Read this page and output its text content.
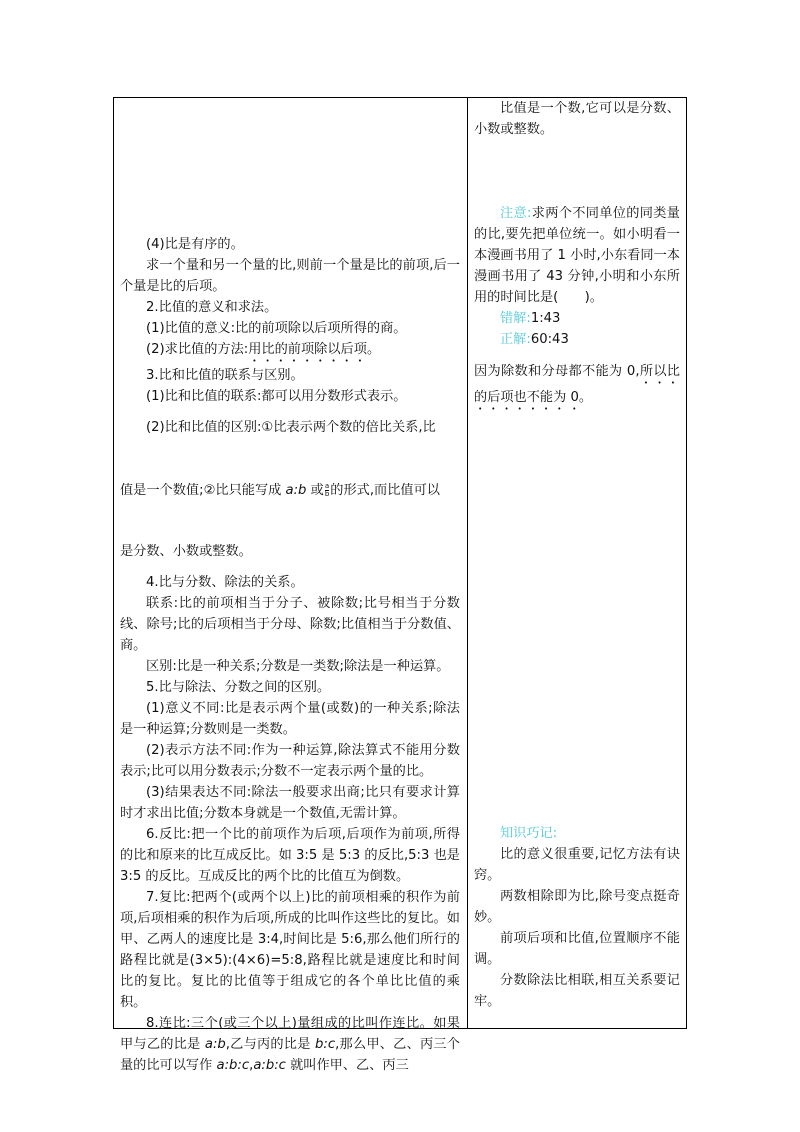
(4)比是有序的。

求一个量和另一个量的比,则前一个量是比的前项,后一个量是比的后项。

2.比值的意义和求法。

(1)比值的意义:比的前项除以后项所得的商。

(2)求比值的方法:用比的前项除以后项。

3.比和比值的联系与区别。

(1)比和比值的联系:都可以用分数形式表示。

(2)比和比值的区别:①比表示两个数的倍比关系,比

值是一个数值;②比只能写成 a:b 或 $\frac{a}{b}$ 的形式,而比值可以

是分数、小数或整数。

4.比与分数、除法的关系。

联系:比的前项相当于分子、被除数;比号相当于分数线、除号;比的后项相当于分母、除数;比值相当于分数值、商。

区别:比是一种关系;分数是一类数;除法是一种运算。

5.比与除法、分数之间的区别。

(1)意义不同:比是表示两个量(或数)的一种关系;除法是一种运算;分数则是一类数。

(2)表示方法不同:作为一种运算,除法算式不能用分数表示;比可以用分数表示;分数不一定表示两个量的比。

(3)结果表达不同:除法一般要求出商;比只有要求计算时才求出比值;分数本身就是一个数值,无需计算。

6.反比:把一个比的前项作为后项,后项作为前项,所得的比和原来的比互成反比。如 3:5 是 5:3 的反比,5:3 也是 3:5 的反比。互成反比的两个比的比值互为倒数。

7.复比:把两个(或两个以上)比的前项相乘的积作为前项,后项相乘的积作为后项,所成的比叫作这些比的复比。如甲、乙两人的速度比是 3:4,时间比是 5:6,那么他们所行的路程比就是(3×5):(4×6)=5:8,路程比就是速度比和时间比的复比。复比的比值等于组成它的各个单比比值的乘积。

8.连比:三个(或三个以上)量组成的比叫作连比。如果甲与乙的比是 a:b,乙与丙的比是 b:c,那么甲、乙、丙三个量的比可以写作 a:b:c,a:b:c 就叫作甲、乙、丙三

比值是一个数,它可以是分数、小数或整数。

注意:求两个不同单位的同类量的比,要先把单位统一。如小明看一本漫画书用了 1 小时,小东看同一本漫画书用了 43 分钟,小明和小东所用的时间比是(　　)。

错解:1:43

正解:60:43

因为除数和分母都不能为 0,所以比的后项也不能为 0。

知识巧记:

比的意义很重要,记忆方法有诀窍。

两数相除即为比,除号变点挺奇妙。

前项后项和比值,位置顺序不能调。

分数除法比相联,相互关系要记牢。
